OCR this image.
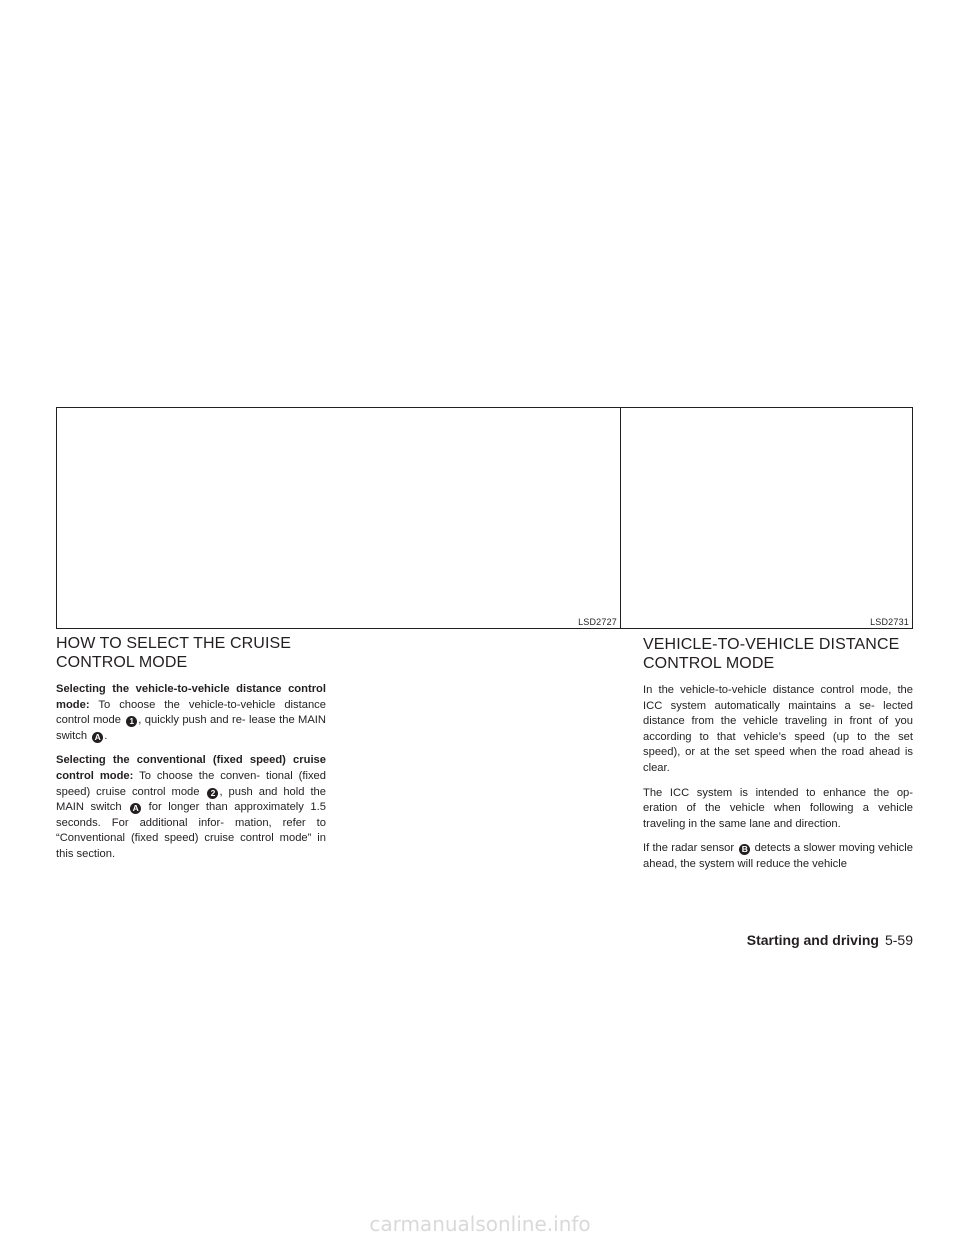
LSD2727	LSD2731
HOW TO SELECT THE CRUISE
CONTROL MODE

Selecting the vehicle-to-vehicle distance control mode: To choose the vehicle-to-vehicle distance control mode 1 , quickly push and re- lease the MAIN switch A .

Selecting the conventional (fixed speed) cruise control mode: To choose the conven- tional (fixed speed) cruise control mode 2 , push and hold the MAIN switch A for longer than approximately 1.5 seconds. For additional infor- mation, refer to “Conventional (fixed speed) cruise control mode” in this section.

VEHICLE-TO-VEHICLE DISTANCE
CONTROL MODE

In the vehicle-to-vehicle distance control mode, the ICC system automatically maintains a se- lected distance from the vehicle traveling in front of you according to that vehicle’s speed (up to the set speed), or at the set speed when the road ahead is clear.

The ICC system is intended to enhance the op- eration of the vehicle when following a vehicle traveling in the same lane and direction.

If the radar sensor B detects a slower moving vehicle ahead, the system will reduce the vehicle

Starting and driving 5-59
carmanualsonline.info
